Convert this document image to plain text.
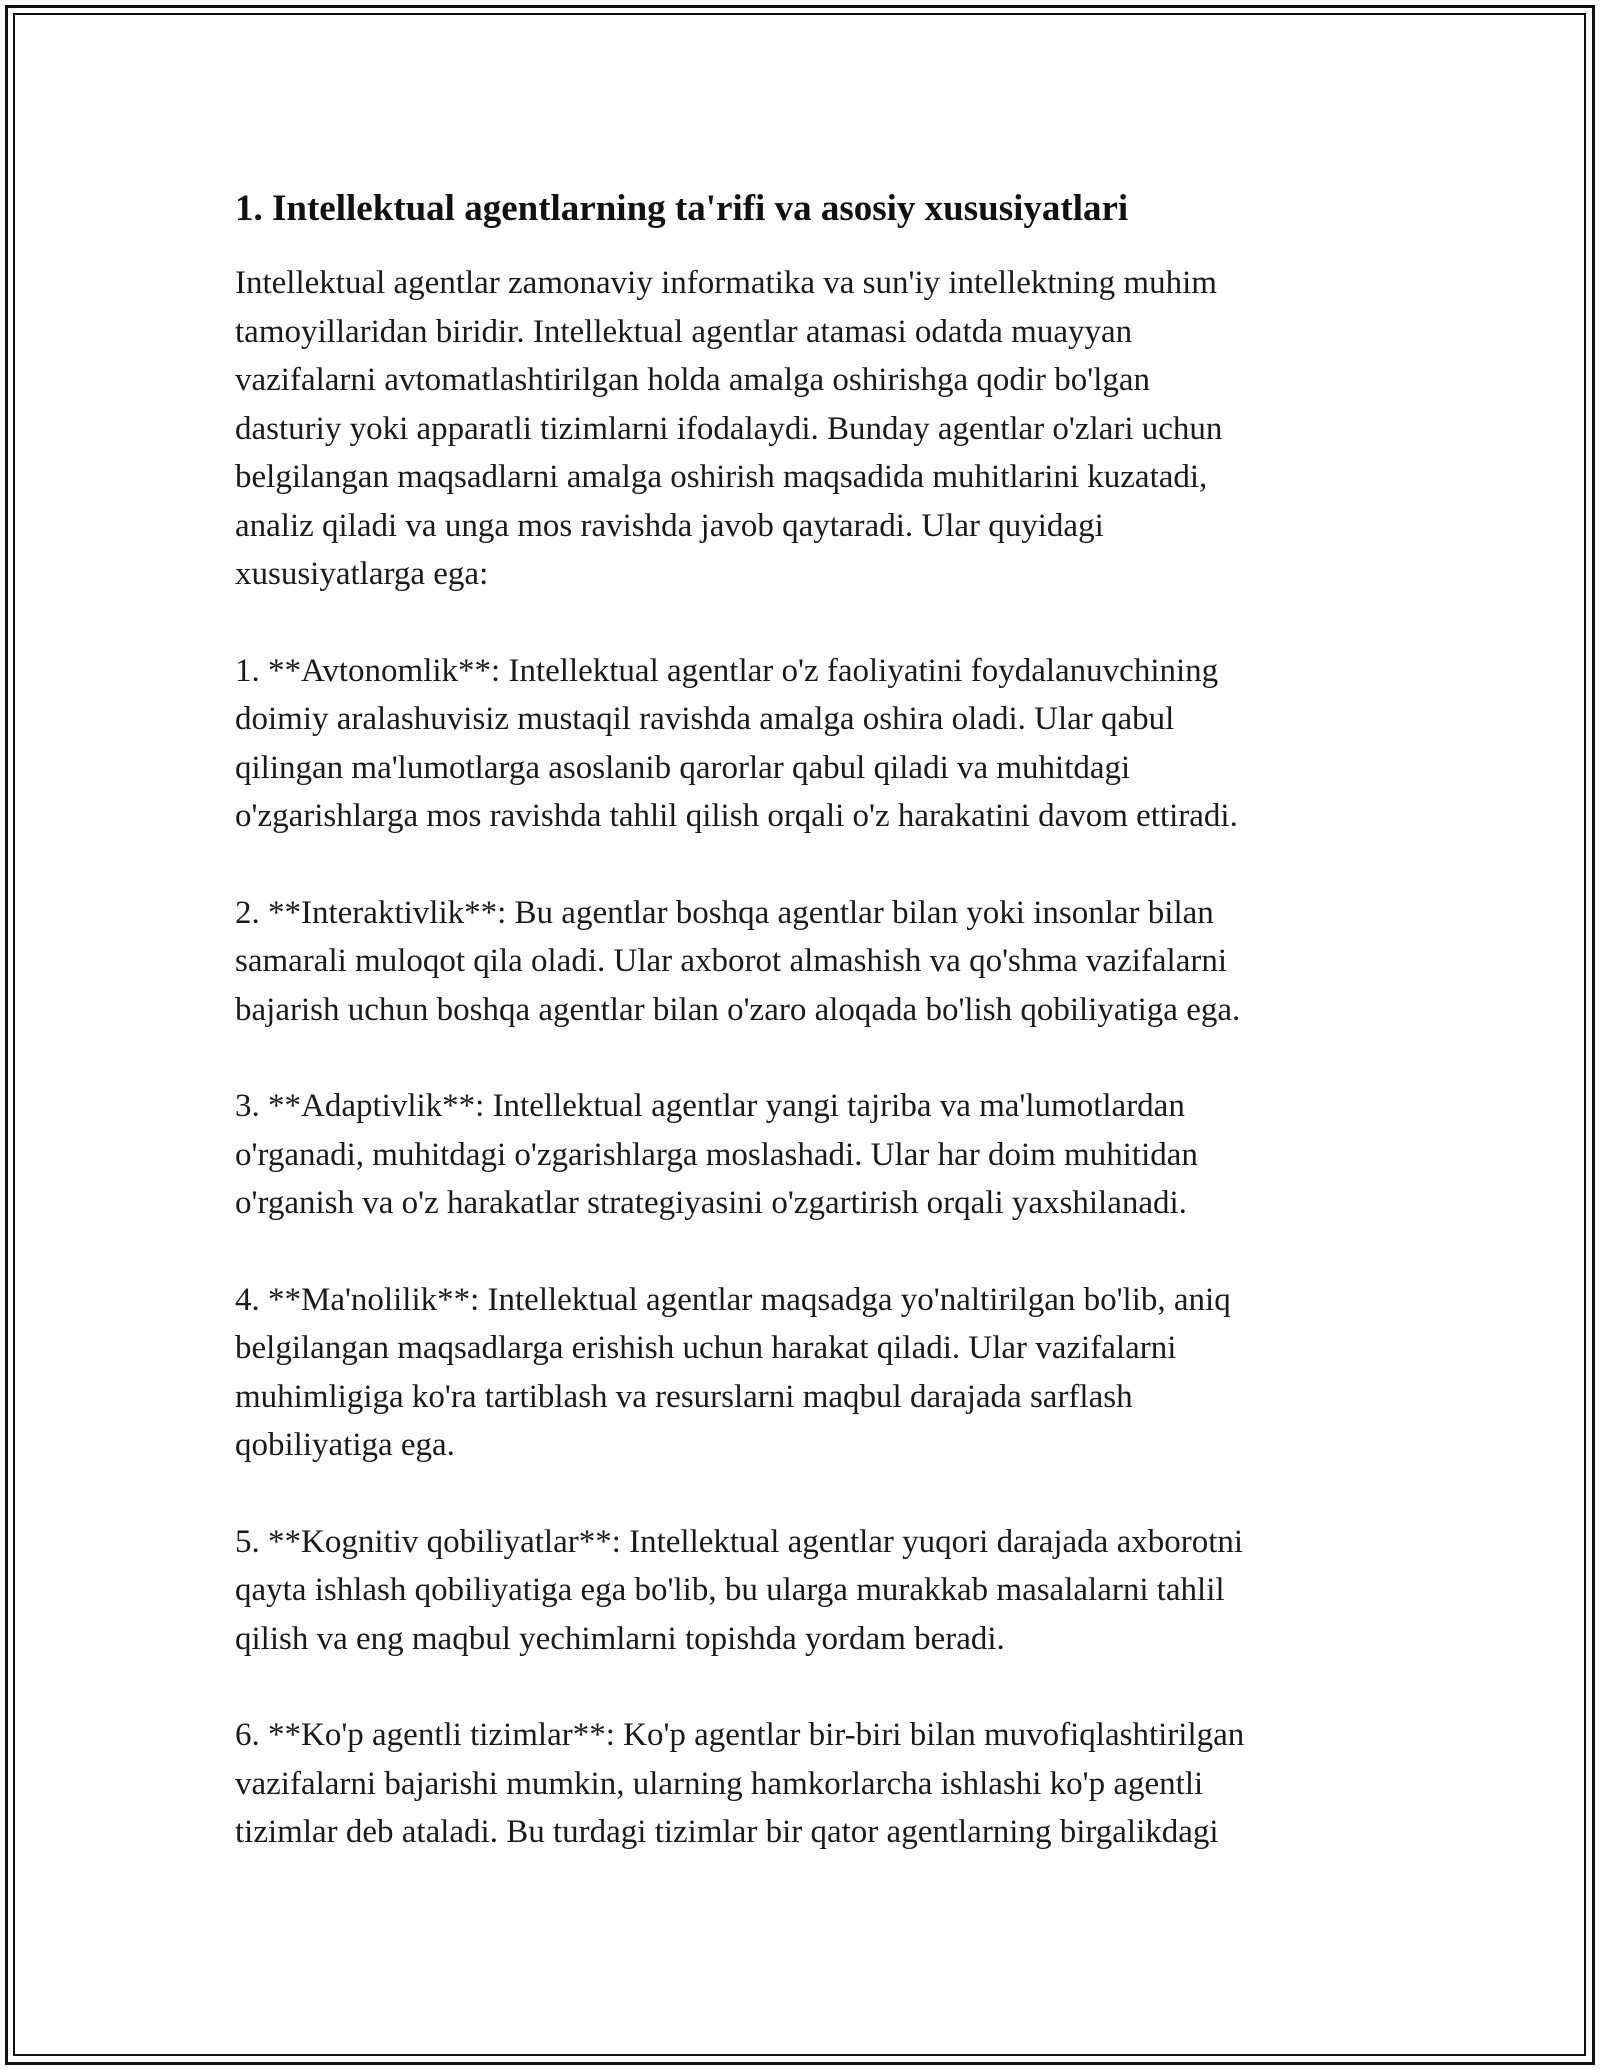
1. Intellektual agentlarning ta'rifi va asosiy xususiyatlari

Intellektual agentlar zamonaviy informatika va sun'iy intellektning muhim
tamoyillaridan biridir. Intellektual agentlar atamasi odatda muayyan
vazifalarni avtomatlashtirilgan holda amalga oshirishga qodir bo'lgan
dasturiy yoki apparatli tizimlarni ifodalaydi. Bunday agentlar o'zlari uchun
belgilangan maqsadlarni amalga oshirish maqsadida muhitlarini kuzatadi,
analiz qiladi va unga mos ravishda javob qaytaradi. Ular quyidagi
xususiyatlarga ega:

1. **Avtonomlik**: Intellektual agentlar o'z faoliyatini foydalanuvchining
doimiy aralashuvisiz mustaqil ravishda amalga oshira oladi. Ular qabul
qilingan ma'lumotlarga asoslanib qarorlar qabul qiladi va muhitdagi
o'zgarishlarga mos ravishda tahlil qilish orqali o'z harakatini davom ettiradi.

2. **Interaktivlik**: Bu agentlar boshqa agentlar bilan yoki insonlar bilan
samarali muloqot qila oladi. Ular axborot almashish va qo'shma vazifalarni
bajarish uchun boshqa agentlar bilan o'zaro aloqada bo'lish qobiliyatiga ega.

3. **Adaptivlik**: Intellektual agentlar yangi tajriba va ma'lumotlardan
o'rganadi, muhitdagi o'zgarishlarga moslashadi. Ular har doim muhitidan
o'rganish va o'z harakatlar strategiyasini o'zgartirish orqali yaxshilanadi.

4. **Ma'nolilik**: Intellektual agentlar maqsadga yo'naltirilgan bo'lib, aniq
belgilangan maqsadlarga erishish uchun harakat qiladi. Ular vazifalarni
muhimligiga ko'ra tartiblash va resurslarni maqbul darajada sarflash
qobiliyatiga ega.

5. **Kognitiv qobiliyatlar**: Intellektual agentlar yuqori darajada axborotni
qayta ishlash qobiliyatiga ega bo'lib, bu ularga murakkab masalalarni tahlil
qilish va eng maqbul yechimlarni topishda yordam beradi.

6. **Ko'p agentli tizimlar**: Ko'p agentlar bir-biri bilan muvofiqlashtirilgan
vazifalarni bajarishi mumkin, ularning hamkorlarcha ishlashi ko'p agentli
tizimlar deb ataladi. Bu turdagi tizimlar bir qator agentlarning birgalikdagi
